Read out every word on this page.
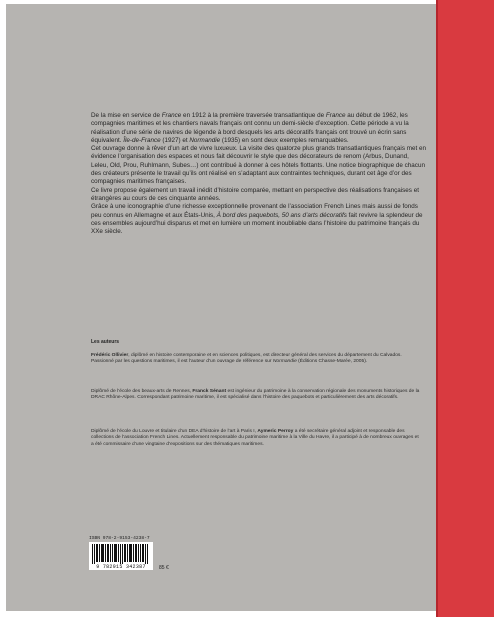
De la mise en service de France en 1912 à la première traversée transatlantique de France au début de 1962, les compagnies maritimes et les chantiers navals français ont connu un demi-siècle d’exception. Cette période a vu la réalisation d’une série de navires de légende à bord desquels les arts décoratifs français ont trouvé un écrin sans équivalent. Île-de-France (1927) et Normandie (1935) en sont deux exemples remarquables.

Cet ouvrage donne à rêver d’un art de vivre luxueux. La visite des quatorze plus grands transatlantiques français met en évidence l’organisation des espaces et nous fait découvrir le style que des décorateurs de renom (Arbus, Dunand, Leleu, Old, Prou, Ruhlmann, Subes…) ont contribué à donner à ces hôtels flottants. Une notice biographique de chacun des créateurs présente le travail qu’ils ont réalisé en s’adaptant aux contraintes techniques, durant cet âge d’or des compagnies maritimes françaises.

Ce livre propose également un travail inédit d’histoire comparée, mettant en perspective des réalisations françaises et étrangères au cours de ces cinquante années.

Grâce à une iconographie d’une richesse exceptionnelle provenant de l’association French Lines mais aussi de fonds peu connus en Allemagne et aux États-Unis, À bord des paquebots, 50 ans d’arts décoratifs fait revivre la splendeur de ces ensembles aujourd’hui disparus et met en lumière un moment inoubliable dans l’histoire du patrimoine français du XXe siècle.

Les auteurs

Frédéric Ollivier, diplômé en histoire contemporaine et en sciences politiques, est directeur général des services du département du Calvados. Passionné par les questions maritimes, il est l’auteur d’un ouvrage de référence sur Normandie (Éditions Chasse-Marée, 2005).

Diplômé de l’école des beaux-arts de Rennes, Franck Sénant est ingénieur du patrimoine à la conservation régionale des monuments historiques de la DRAC Rhône-Alpes. Correspondant patrimoine maritime, il est spécialisé dans l’histoire des paquebots et particulièrement des arts décoratifs.

Diplômé de l’école du Louvre et titulaire d’un DEA d’histoire de l’art à Paris I, Aymeric Perroy a été secrétaire général adjoint et responsable des collections de l’association French Lines. Actuellement responsable du patrimoine maritime à la Ville du Havre, il a participé à de nombreux ouvrages et a été commissaire d’une vingtaine d’expositions sur des thématiques maritimes.

ISBN 978-2-9153-4238-7
9 782915 342387	85 €
